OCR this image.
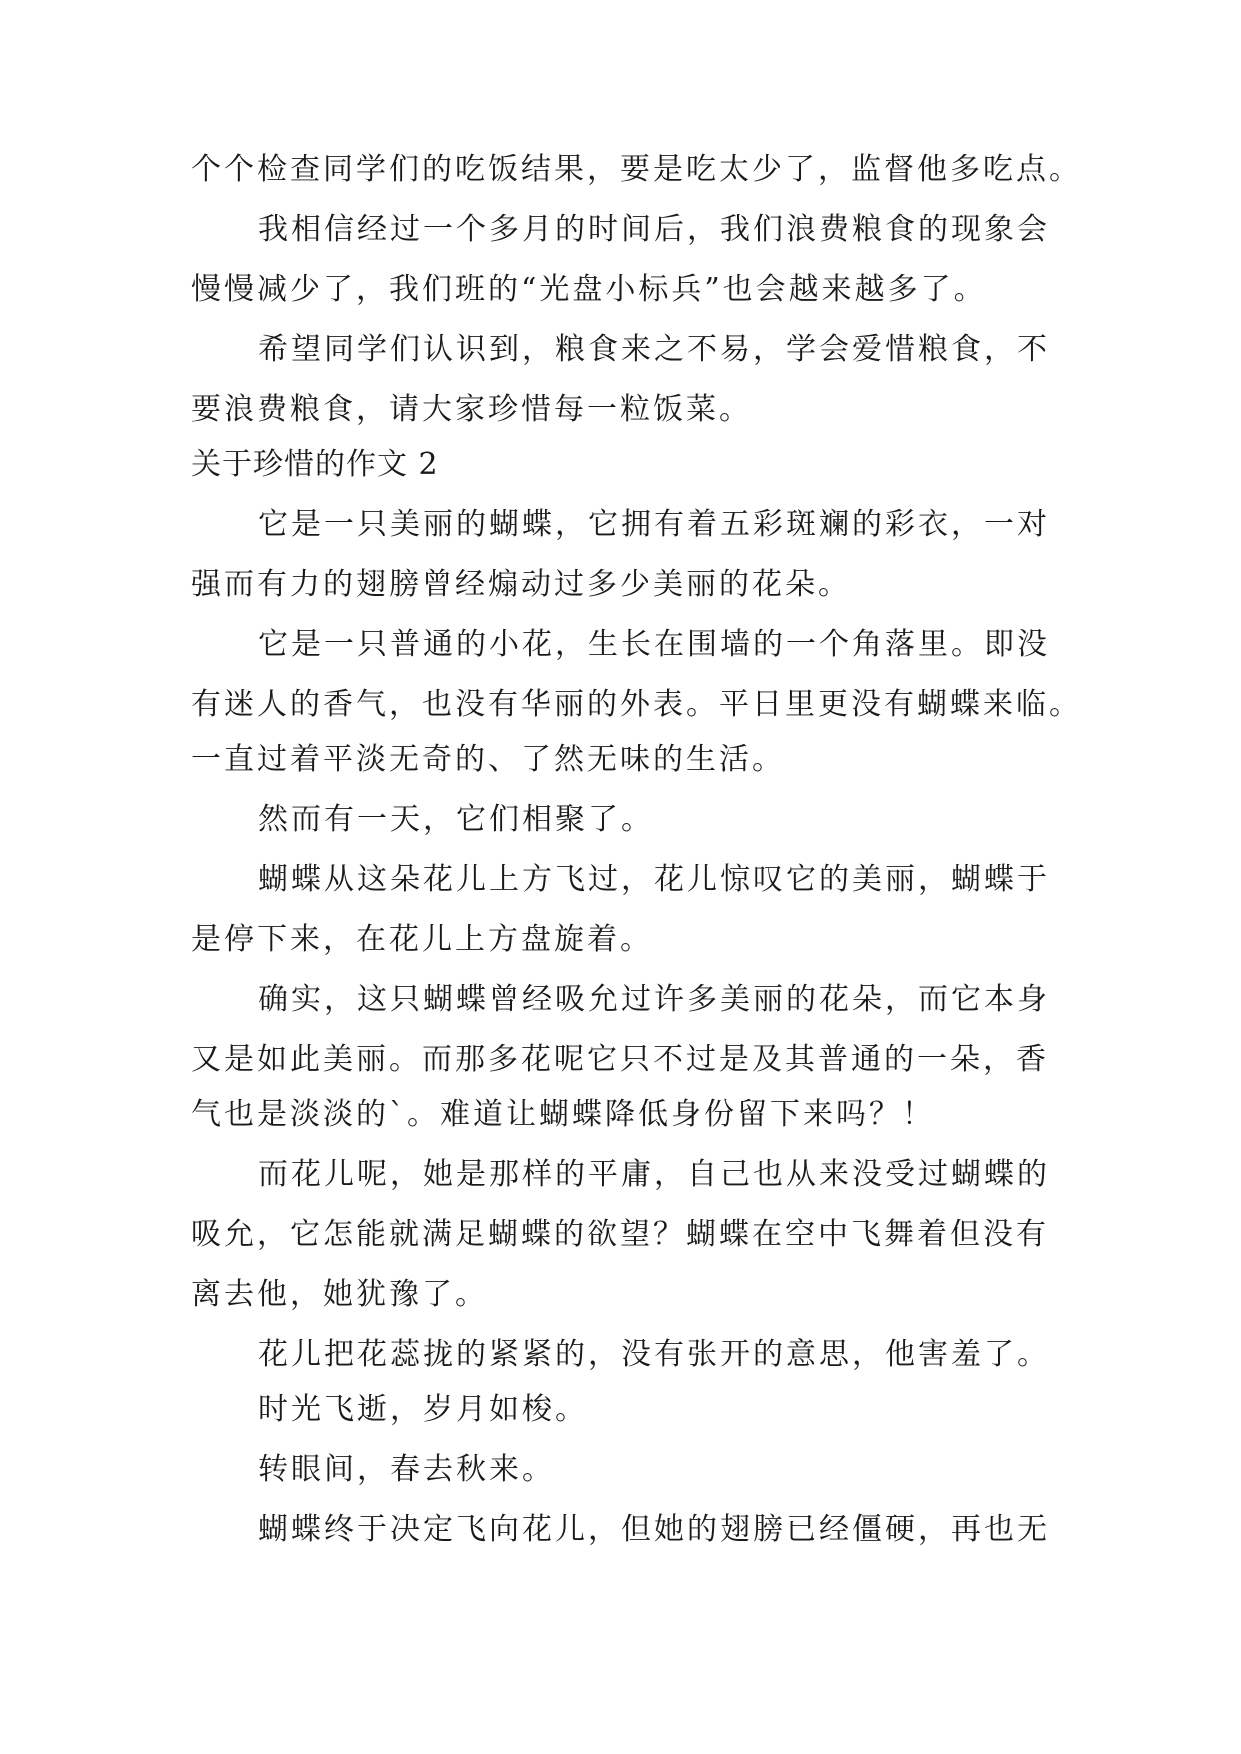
个个检查同学们的吃饭结果，要是吃太少了，监督他多吃点。
我相信经过一个多月的时间后，我们浪费粮食的现象会
慢慢减少了，我们班的“光盘小标兵”也会越来越多了。
希望同学们认识到，粮食来之不易，学会爱惜粮食，不
要浪费粮食，请大家珍惜每一粒饭菜。
关于珍惜的作文 2
它是一只美丽的蝴蝶，它拥有着五彩斑斓的彩衣，一对
强而有力的翅膀曾经煽动过多少美丽的花朵。
它是一只普通的小花，生长在围墙的一个角落里。即没
有迷人的香气，也没有华丽的外表。平日里更没有蝴蝶来临。
一直过着平淡无奇的、了然无味的生活。
然而有一天，它们相聚了。
蝴蝶从这朵花儿上方飞过，花儿惊叹它的美丽，蝴蝶于
是停下来，在花儿上方盘旋着。
确实，这只蝴蝶曾经吸允过许多美丽的花朵，而它本身
又是如此美丽。而那多花呢它只不过是及其普通的一朵，香
气也是淡淡的`。难道让蝴蝶降低身份留下来吗？！
而花儿呢，她是那样的平庸，自己也从来没受过蝴蝶的
吸允，它怎能就满足蝴蝶的欲望？蝴蝶在空中飞舞着但没有
离去他，她犹豫了。
花儿把花蕊拢的紧紧的，没有张开的意思，他害羞了。
时光飞逝，岁月如梭。
转眼间，春去秋来。
蝴蝶终于决定飞向花儿，但她的翅膀已经僵硬，再也无
